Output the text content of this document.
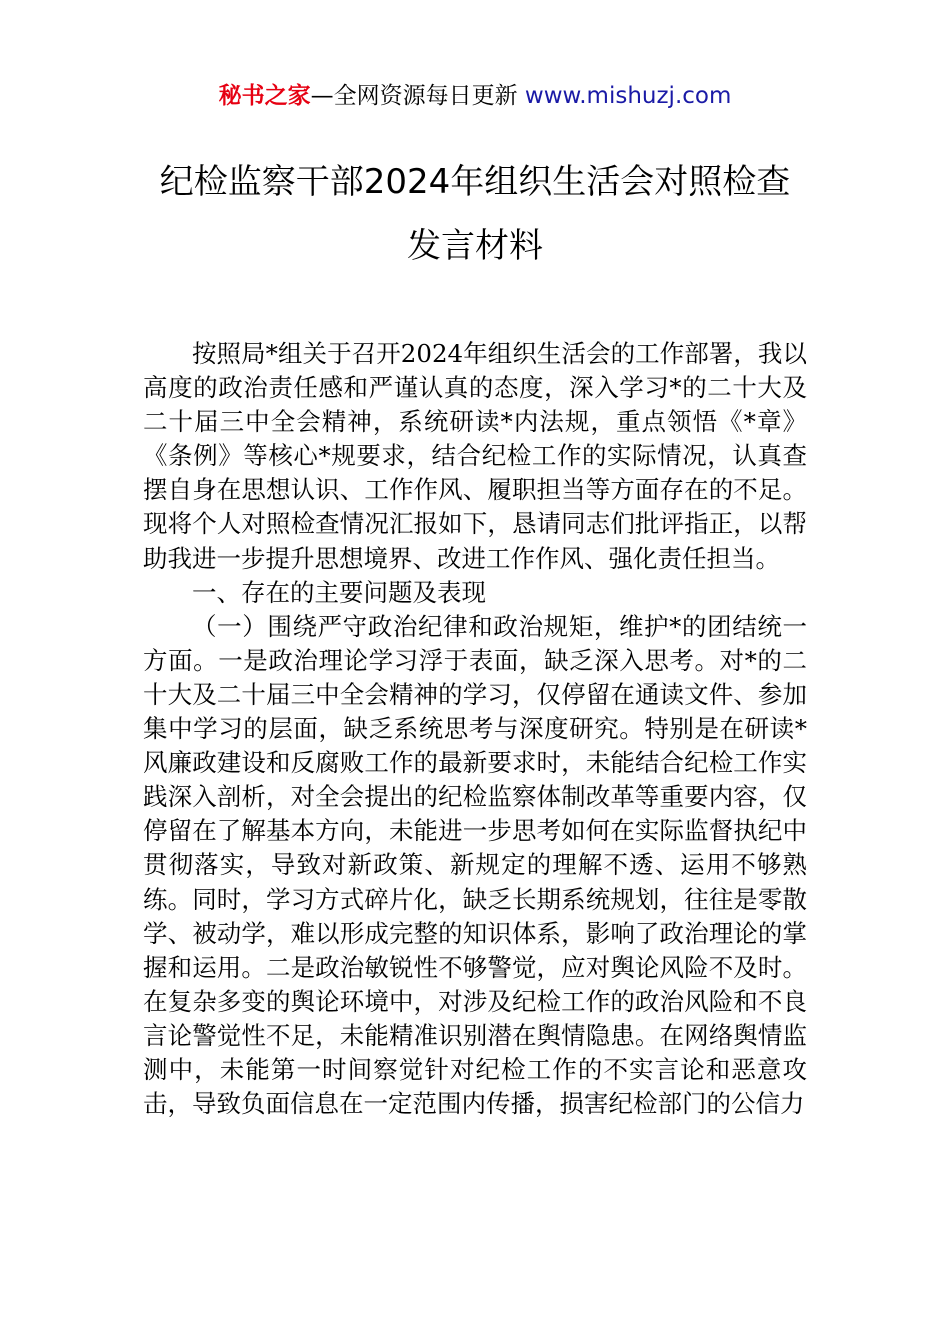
秘书之家—全网资源每日更新 www.mishuzj.com
纪检监察干部2024年组织生活会对照检查
发言材料

按照局*组关于召开2024年组织生活会的工作部署，我以高度的政治责任感和严谨认真的态度，深入学习*的二十大及二十届三中全会精神，系统研读*内法规，重点领悟《*章》《条例》等核心*规要求，结合纪检工作的实际情况，认真查摆自身在思想认识、工作作风、履职担当等方面存在的不足。现将个人对照检查情况汇报如下，恳请同志们批评指正，以帮助我进一步提升思想境界、改进工作作风、强化责任担当。

一、存在的主要问题及表现

（一）围绕严守政治纪律和政治规矩，维护*的团结统一方面。一是政治理论学习浮于表面，缺乏深入思考。对*的二十大及二十届三中全会精神的学习，仅停留在通读文件、参加集中学习的层面，缺乏系统思考与深度研究。特别是在研读*风廉政建设和反腐败工作的最新要求时，未能结合纪检工作实践深入剖析，对全会提出的纪检监察体制改革等重要内容，仅停留在了解基本方向，未能进一步思考如何在实际监督执纪中贯彻落实，导致对新政策、新规定的理解不透、运用不够熟练。同时，学习方式碎片化，缺乏长期系统规划，往往是零散学、被动学，难以形成完整的知识体系，影响了政治理论的掌握和运用。二是政治敏锐性不够警觉，应对舆论风险不及时。在复杂多变的舆论环境中，对涉及纪检工作的政治风险和不良言论警觉性不足，未能精准识别潜在舆情隐患。在网络舆情监测中，未能第一时间察觉针对纪检工作的不实言论和恶意攻击，导致负面信息在一定范围内传播，损害纪检部门的公信力
